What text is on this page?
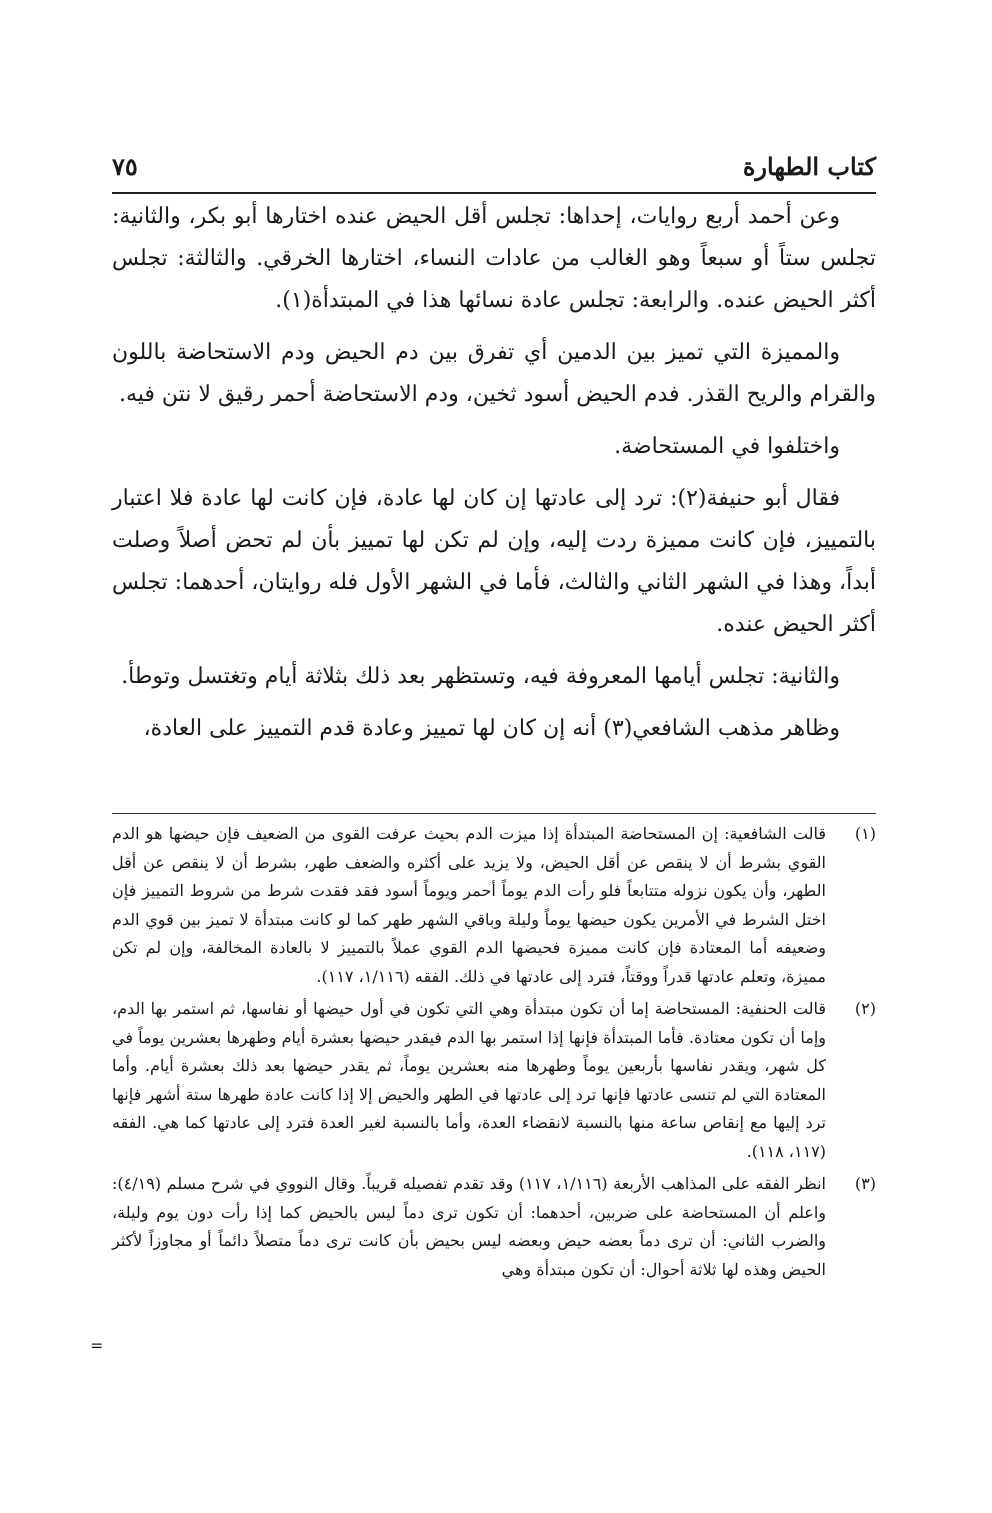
كتاب الطهارة
٧٥

وعن أحمد أربع روايات، إحداها: تجلس أقل الحيض عنده اختارها أبو بكر، والثانية: تجلس ستاً أو سبعاً وهو الغالب من عادات النساء، اختارها الخرقي. والثالثة: تجلس أكثر الحيض عنده. والرابعة: تجلس عادة نسائها هذا في المبتدأة(١).

والمميزة التي تميز بين الدمين أي تفرق بين دم الحيض ودم الاستحاضة باللون والقرام والريح القذر. فدم الحيض أسود ثخين، ودم الاستحاضة أحمر رقيق لا نتن فيه.

واختلفوا في المستحاضة.

فقال أبو حنيفة(٢): ترد إلى عادتها إن كان لها عادة، فإن كانت لها عادة فلا اعتبار بالتمييز، فإن كانت مميزة ردت إليه، وإن لم تكن لها تمييز بأن لم تحض أصلاً وصلت أبداً، وهذا في الشهر الثاني والثالث، فأما في الشهر الأول فله روايتان، أحدهما: تجلس أكثر الحيض عنده.

والثانية: تجلس أيامها المعروفة فيه، وتستظهر بعد ذلك بثلاثة أيام وتغتسل وتوطأ.

وظاهر مذهب الشافعي(٣) أنه إن كان لها تمييز وعادة قدم التمييز على العادة،

(١)
قالت الشافعية: إن المستحاضة المبتدأة إذا ميزت الدم بحيث عرفت القوى من الضعيف فإن حيضها هو الدم القوي بشرط أن لا ينقص عن أقل الحيض، ولا يزيد على أكثره والضعف طهر، بشرط أن لا ينقص عن أقل الطهر، وأن يكون نزوله متتابعاً فلو رأت الدم يوماً أحمر ويوماً أسود فقد فقدت شرط من شروط التمييز فإن اختل الشرط في الأمرين يكون حيضها يوماً وليلة وباقي الشهر طهر كما لو كانت مبتدأة لا تميز بين قوي الدم وضعيفه أما المعتادة فإن كانت مميزة فحيضها الدم القوي عملاً بالتمييز لا بالعادة المخالفة، وإن لم تكن مميزة، وتعلم عادتها قدراً ووقتاً، فترد إلى عادتها في ذلك. الفقه (١/١١٦، ١١٧).
(٢)
قالت الحنفية: المستحاضة إما أن تكون مبتدأة وهي التي تكون في أول حيضها أو نفاسها، ثم استمر بها الدم، وإما أن تكون معتادة. فأما المبتدأة فإنها إذا استمر بها الدم فيقدر حيضها بعشرة أيام وطهرها بعشرين يوماً في كل شهر، ويقدر نفاسها بأربعين يوماً وطهرها منه بعشرين يوماً، ثم يقدر حيضها بعد ذلك بعشرة أيام. وأما المعتادة التي لم تنسى عادتها فإنها ترد إلى عادتها في الطهر والحيض إلا إذا كانت عادة طهرها ستة أشهر فإنها ترد إليها مع إنقاص ساعة منها بالنسبة لانقضاء العدة، وأما بالنسبة لغير العدة فترد إلى عادتها كما هي. الفقه (١١٧، ١١٨).
(٣)
انظر الفقه على المذاهب الأربعة (١/١١٦، ١١٧) وقد تقدم تفصيله قريباً. وقال النووي في شرح مسلم (٤/١٩): واعلم أن المستحاضة على ضربين، أحدهما: أن تكون ترى دماً ليس بالحيض كما إذا رأت دون يوم وليلة، والضرب الثاني: أن ترى دماً بعضه حيض وبعضه ليس بحيض بأن كانت ترى دماً متصلاً دائماً أو مجاوزاً لأكثر الحيض وهذه لها ثلاثة أحوال: أن تكون مبتدأة وهي
=
